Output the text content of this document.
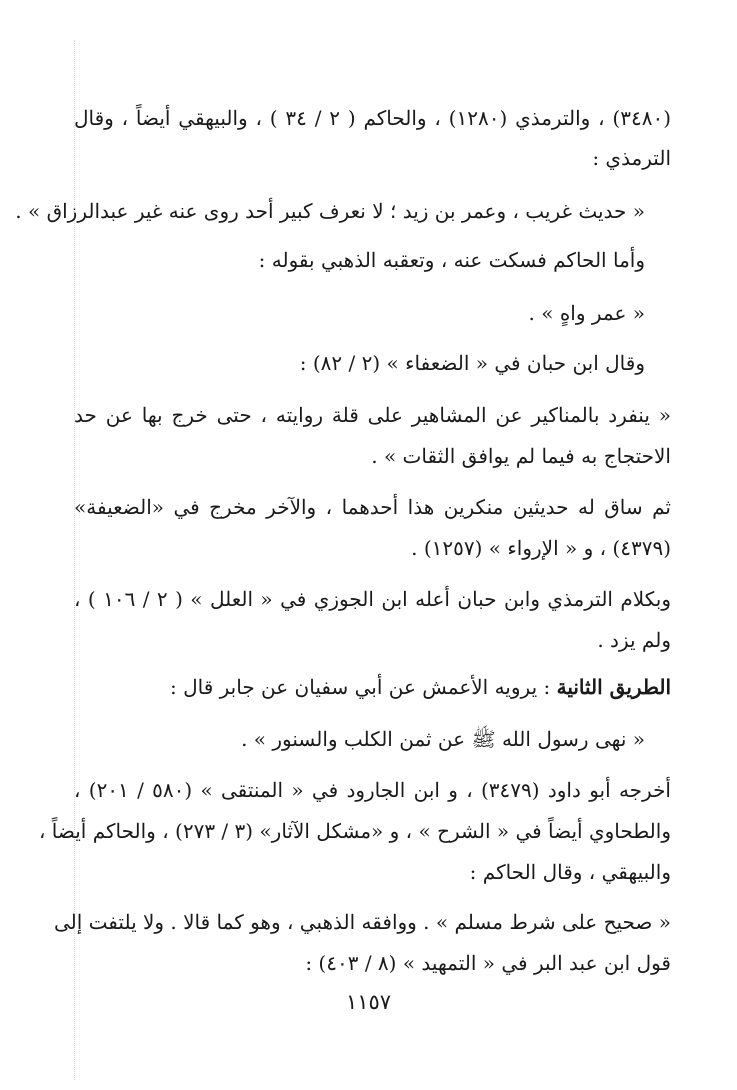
(٣٤٨٠) ، والترمذي (١٢٨٠) ، والحاكم ( ٢ / ٣٤ ) ، والبيهقي أيضاً ، وقال
الترمذي :
« حديث غريب ، وعمر بن زيد ؛ لا نعرف كبير أحد روى عنه غير عبدالرزاق » .
وأما الحاكم فسكت عنه ، وتعقبه الذهبي بقوله :
« عمر واهٍ » .
وقال ابن حبان في « الضعفاء » (٢ / ٨٢) :
« ينفرد بالمناكير عن المشاهير على قلة روايته ، حتى خرج بها عن حد
الاحتجاج به فيما لم يوافق الثقات » .
ثم ساق له حديثين منكرين هذا أحدهما ، والآخر مخرج في «الضعيفة»
(٤٣٧٩) ، و « الإرواء » (١٢٥٧) .
وبكلام الترمذي وابن حبان أعله ابن الجوزي في « العلل » ( ٢ / ١٠٦ ) ،
ولم يزد .
الطريق الثانية : يرويه الأعمش عن أبي سفيان عن جابر قال :
« نهى رسول الله ﷺ عن ثمن الكلب والسنور » .
أخرجه أبو داود (٣٤٧٩) ، و ابن الجارود في « المنتقى » (٥٨٠ / ٢٠١) ،
والطحاوي أيضاً في « الشرح » ، و «مشكل الآثار» (٣ / ٢٧٣) ، والحاكم أيضاً ،
والبيهقي ، وقال الحاكم :
« صحيح على شرط مسلم » . ووافقه الذهبي ، وهو كما قالا . ولا يلتفت إلى
قول ابن عبد البر في « التمهيد » (٨ / ٤٠٣) :
١١٥٧
